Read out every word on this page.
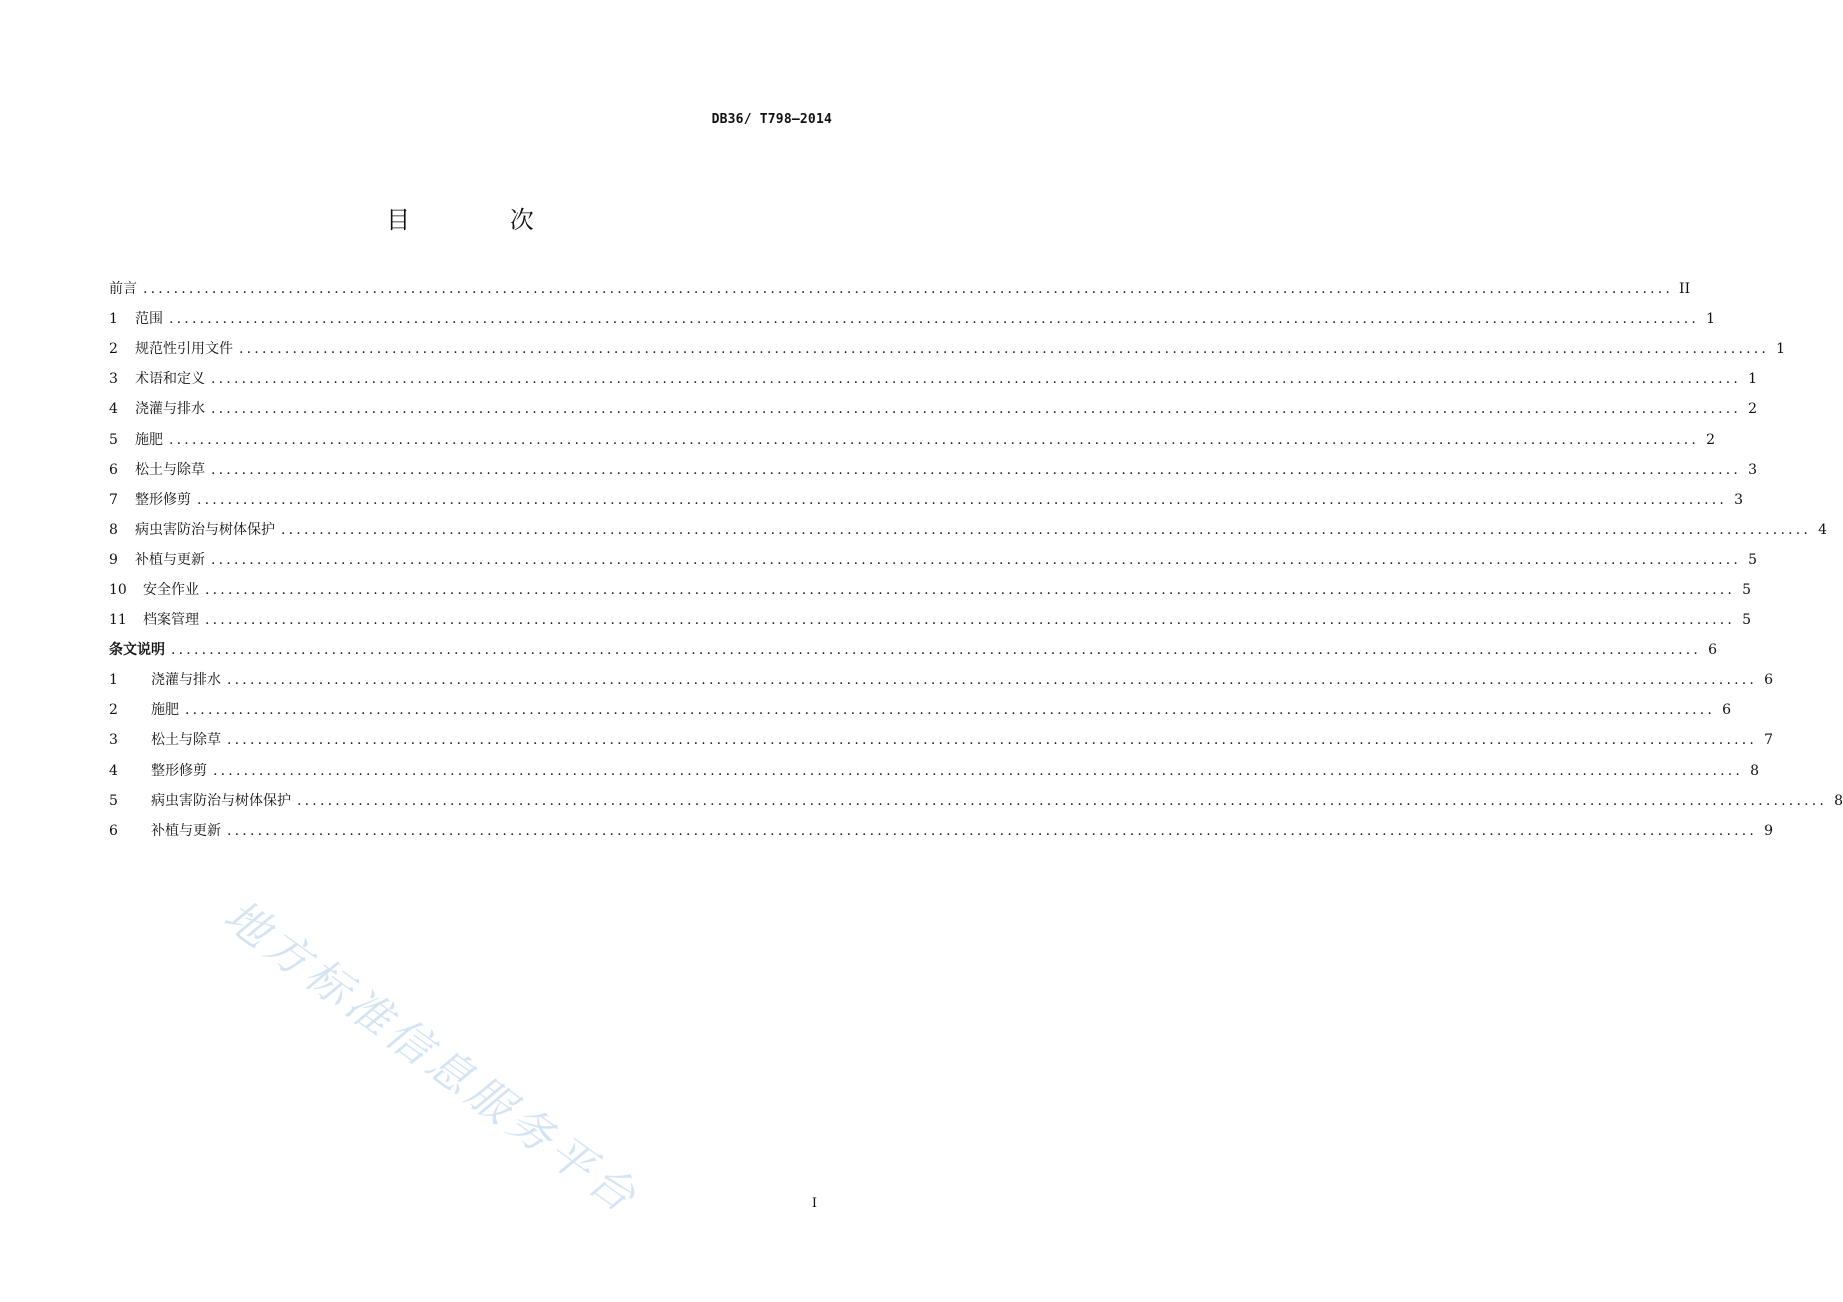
DB36/ T798—2014
目 次
前言 ........................................................................................................................................................................................................ II
1	范围 ........................................................................................................................................................................................................ 1
2	规范性引用文件 ........................................................................................................................................................................................................ 1
3	术语和定义 ........................................................................................................................................................................................................ 1
4	浇灌与排水 ........................................................................................................................................................................................................ 2
5	施肥 ........................................................................................................................................................................................................ 2
6	松土与除草 ........................................................................................................................................................................................................ 3
7	整形修剪 ........................................................................................................................................................................................................ 3
8	病虫害防治与树体保护 ........................................................................................................................................................................................................ 4
9	补植与更新 ........................................................................................................................................................................................................ 5
10	安全作业 ........................................................................................................................................................................................................ 5
11	档案管理 ........................................................................................................................................................................................................ 5
条文说明 ........................................................................................................................................................................................................ 6
1	浇灌与排水 ........................................................................................................................................................................................................ 6
2	施肥 ........................................................................................................................................................................................................ 6
3	松土与除草 ........................................................................................................................................................................................................ 7
4	整形修剪 ........................................................................................................................................................................................................ 8
5	病虫害防治与树体保护 ........................................................................................................................................................................................................ 8
6	补植与更新 ........................................................................................................................................................................................................ 9
I
地方标准信息服务平台
